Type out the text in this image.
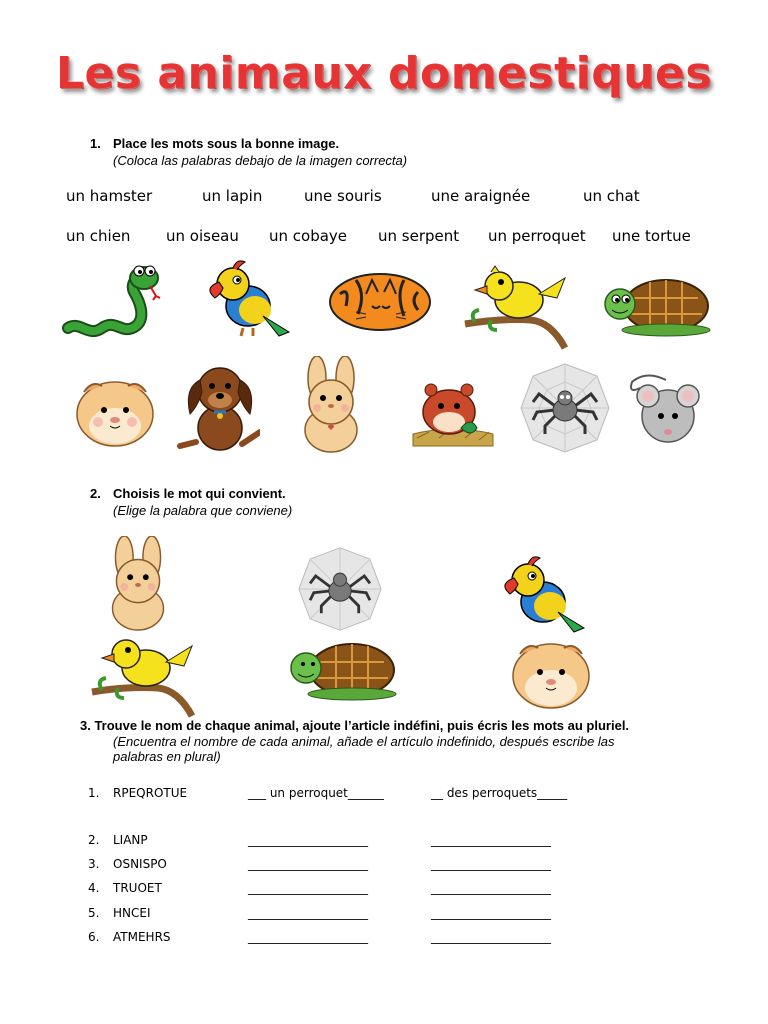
Les animaux domestiques
1. Place les mots sous la bonne image.
(Coloca las palabras debajo de la imagen correcta)
un hamster	un lapin	une souris	une araignée	un chat
un chien un oiseau un cobaye un serpent un perroquet une tortue
2. Choisis le mot qui convient.
(Elige la palabra que conviene)
3. Trouve le nom de chaque animal, ajoute l’article indéfini, puis écris les mots au pluriel.
(Encuentra el nombre de cada animal, añade el artículo indefinido, después escribe las
palabras en plural)
1. RPEQROTUE	___ un perroquet______	__ des perroquets_____
2. LIANP	____________________	____________________
3. OSNISPO	____________________	____________________
4. TRUOET	____________________	____________________
5. HNCEI	____________________	____________________
6. ATMEHRS	____________________	____________________
